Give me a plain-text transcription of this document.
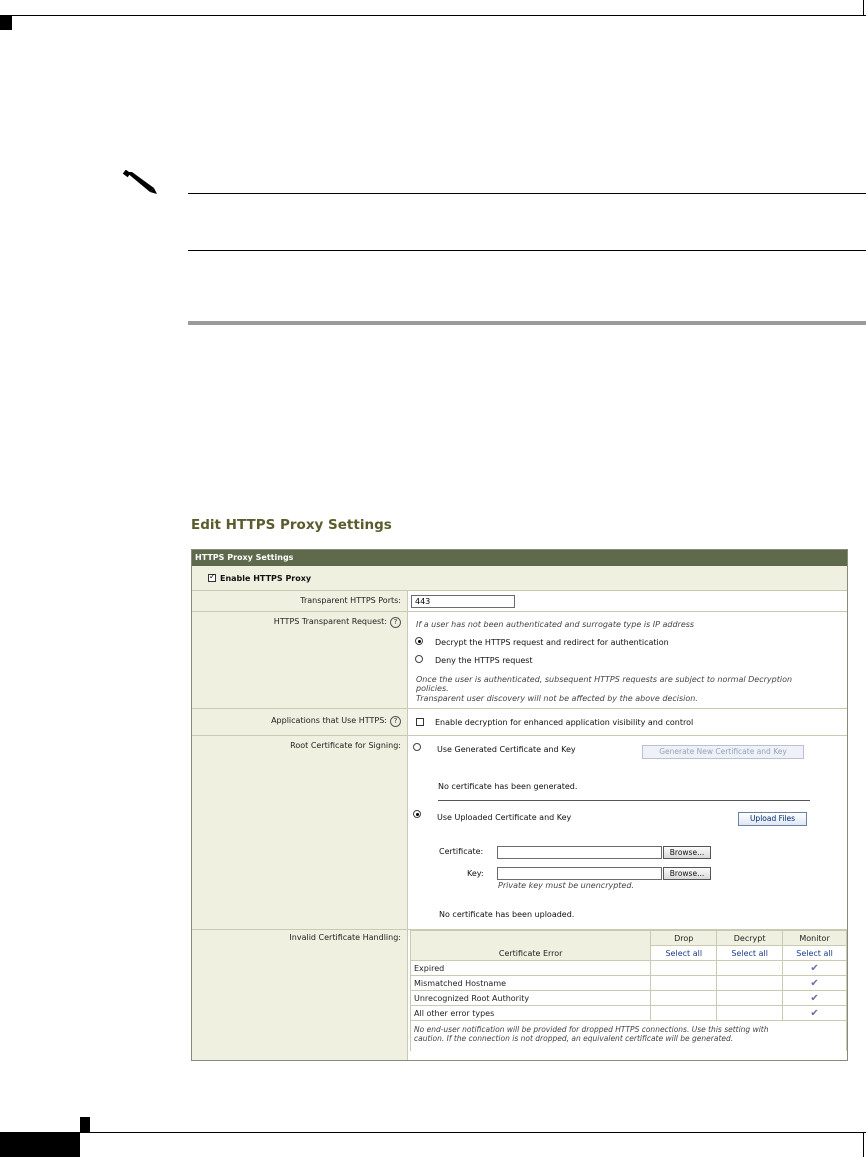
Edit HTTPS Proxy Settings
HTTPS Proxy Settings
✓
Enable HTTPS Proxy
Transparent HTTPS Ports:	443
HTTPS Transparent Request: ?	If a user has not been authenticated and surrogate type is IP address
Decrypt the HTTPS request and redirect for authentication
Deny the HTTPS request
Once the user is authenticated, subsequent HTTPS requests are subject to normal Decryption
policies.
Transparent user discovery will not be affected by the above decision.
Applications that Use HTTPS: ?	Enable decryption for enhanced application visibility and control
Root Certificate for Signing:	Use Generated Certificate and Key	Generate New Certificate and Key
No certificate has been generated.
Use Uploaded Certificate and Key	Upload Files
Certificate:	Browse...
Key:	Browse...
Private key must be unencrypted.
No certificate has been uploaded.
Invalid Certificate Handling:
Certificate Error	Drop	Decrypt	Monitor
	Select all	Select all	Select all
Expired			✔
Mismatched Hostname			✔
Unrecognized Root Authority			✔
All other error types			✔

No end-user notification will be provided for dropped HTTPS connections. Use this setting with
caution. If the connection is not dropped, an equivalent certificate will be generated.			
